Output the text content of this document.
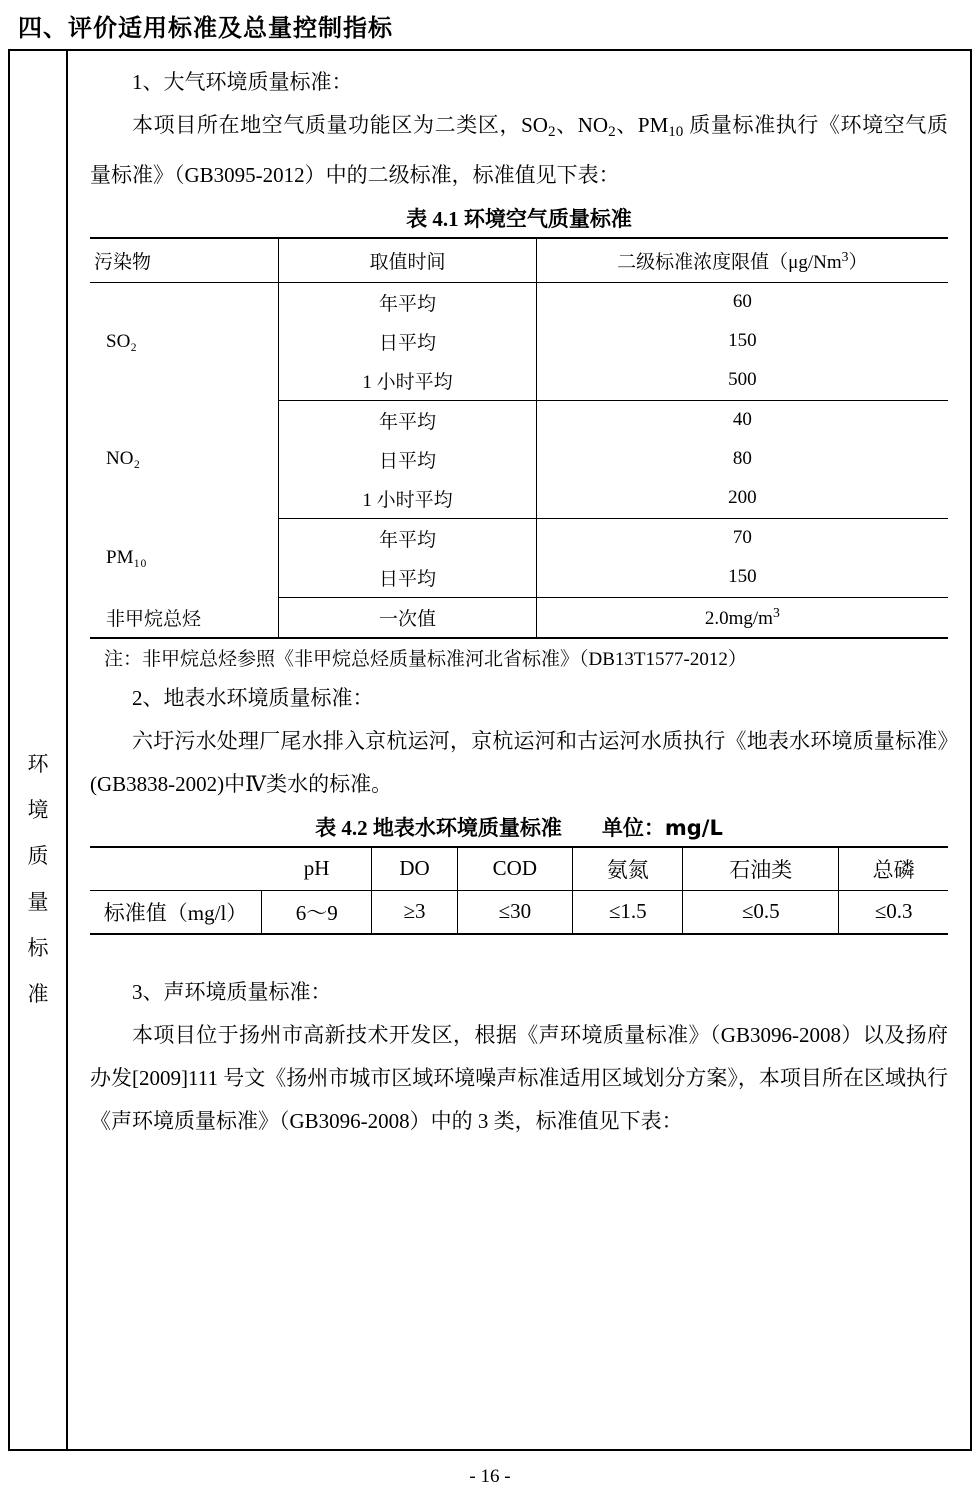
四、评价适用标准及总量控制指标
环
境
质
量
标
准

1、大气环境质量标准：

本项目所在地空气质量功能区为二类区，$SO_2$、$NO_2$、$PM_{10}$ 质量标准执行《环境空气质量标准》（GB3095-2012）中的二级标准，标准值见下表：

表 4.1 环境空气质量标准
污染物	取值时间	二级标准浓度限值（μg/Nm$^3$）
SO₂	年平均	60
	日平均	150
	1 小时平均	500
NO₂	年平均	40
	日平均	80
	1 小时平均	200
PM₁₀	年平均	70
	日平均	150
非甲烷总烃	一次值	$2.0mg/m^3$

注：非甲烷总烃参照《非甲烷总烃质量标准河北省标准》（DB13T1577-2012）

2、地表水环境质量标准：

六圩污水处理厂尾水排入京杭运河，京杭运河和古运河水质执行《地表水环境质量标准》(GB3838-2002)中Ⅳ类水的标准。

表 4.2 地表水环境质量标准 单位：mg/L
	pH	DO	COD	氨氮	石油类	总磷
标准值（mg/l）	6～9	≥3	≤30	≤1.5	≤0.5	≤0.3

3、声环境质量标准：

本项目位于扬州市高新技术开发区，根据《声环境质量标准》（GB3096-2008）以及扬府办发[2009]111 号文《扬州市城市区域环境噪声标准适用区域划分方案》，本项目所在区域执行《声环境质量标准》（GB3096-2008）中的 3 类，标准值见下表：

- 16 -
